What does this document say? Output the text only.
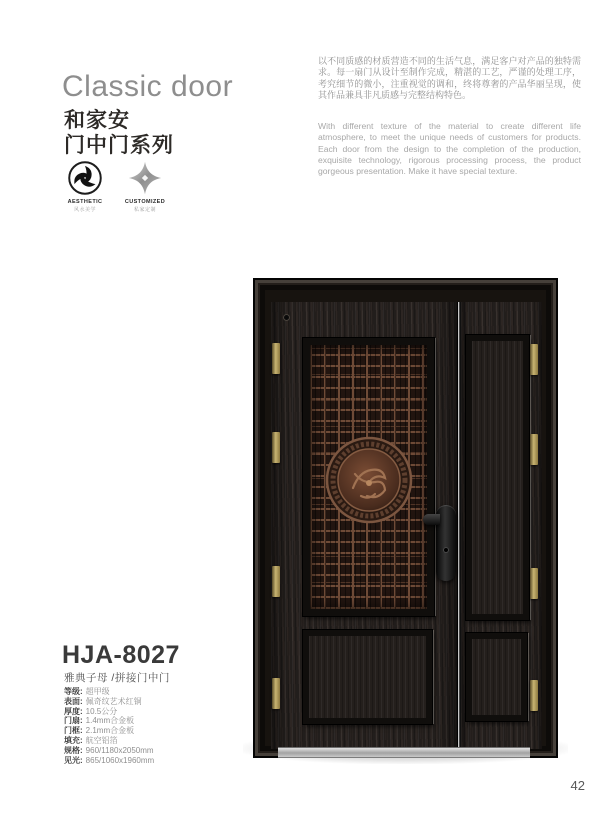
Classic door
和家安
门中门系列
AESTHETIC
风水美学
CUSTOMIZED
私家定制
以不同质感的材质营造不同的生活气息，满足客户对产品的独特需求。每一扇门从设计至制作完成，精湛的工艺，严谨的处理工序，考究细节的微小，注重视觉的调和，终将尊奢的产品华丽呈现，使其作品兼具非凡质感与完整结构特色。
With different texture of the material to create different life atmosphere, to meet the unique needs of customers for products. Each door from the design to the completion of the production, exquisite technology, rigorous processing process, the product gorgeous presentation. Make it have special texture.
HJA-8027
雅典子母 /拼接门中门
等级: 超甲级
表面: 佩奇纹艺术红铜
厚度: 10.5公分
门扇: 1.4mm合金板
门框: 2.1mm合金板
填充: 航空铝箔
规格: 960/1180x2050mm
见光: 865/1060x1960mm
42
